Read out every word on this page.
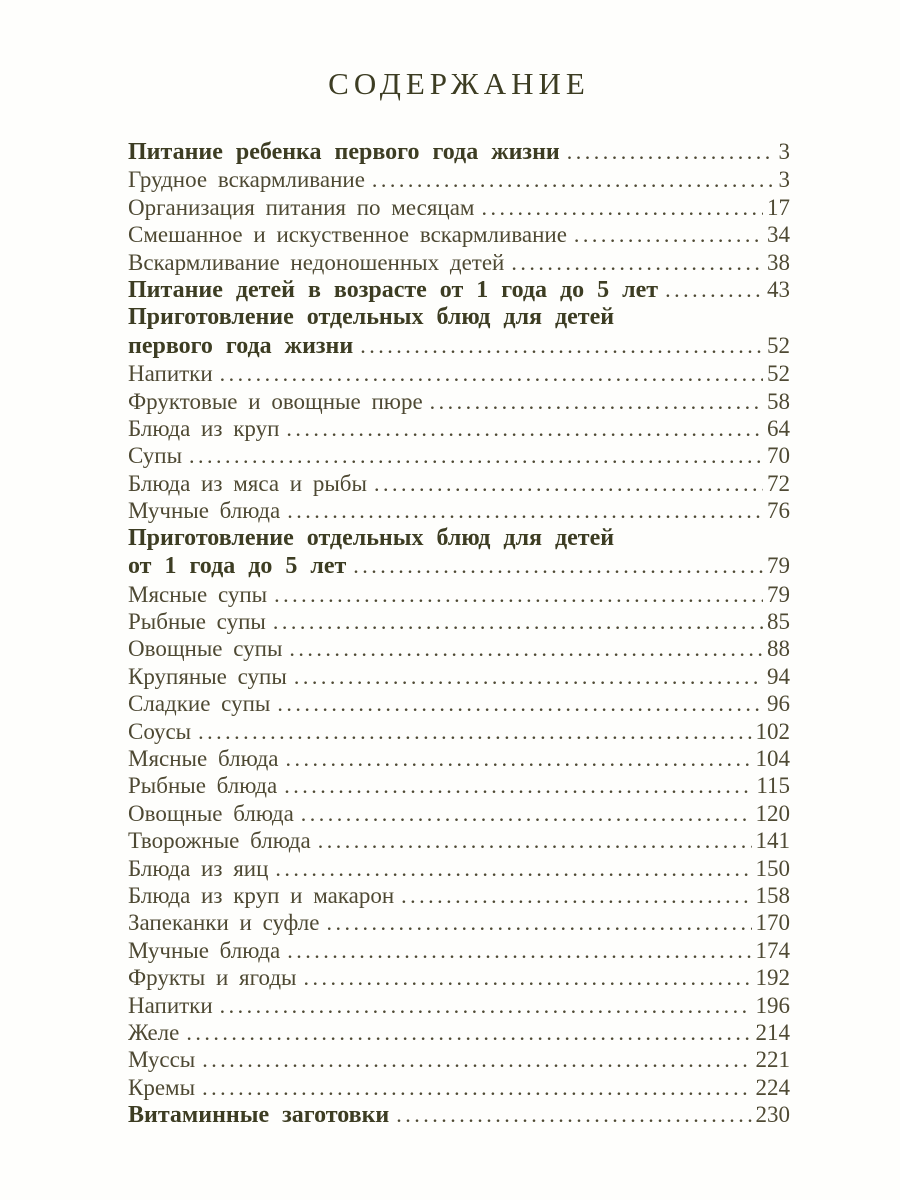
СОДЕРЖАНИЕ
Питание ребенка первого года жизни .....	3
Грудное вскармливание .....	3
Организация питания по месяцам .....	17
Смешанное и искуственное вскармливание .....	34
Вскармливание недоношенных детей .....	38
Питание детей в возрасте от 1 года до 5 лет .....	43
Приготовление отдельных блюд для детей
первого года жизни .....	52
Напитки .....	52
Фруктовые и овощные пюре .....	58
Блюда из круп .....	64
Супы .....	70
Блюда из мяса и рыбы .....	72
Мучные блюда .....	76
Приготовление отдельных блюд для детей
от 1 года до 5 лет .....	79
Мясные супы .....	79
Рыбные супы .....	85
Овощные супы .....	88
Крупяные супы .....	94
Сладкие супы .....	96
Соусы .....	102
Мясные блюда .....	104
Рыбные блюда .....	115
Овощные блюда .....	120
Творожные блюда .....	141
Блюда из яиц .....	150
Блюда из круп и макарон .....	158
Запеканки и суфле .....	170
Мучные блюда .....	174
Фрукты и ягоды .....	192
Напитки .....	196
Желе .....	214
Муссы .....	221
Кремы .....	224
Витаминные заготовки .....	230
